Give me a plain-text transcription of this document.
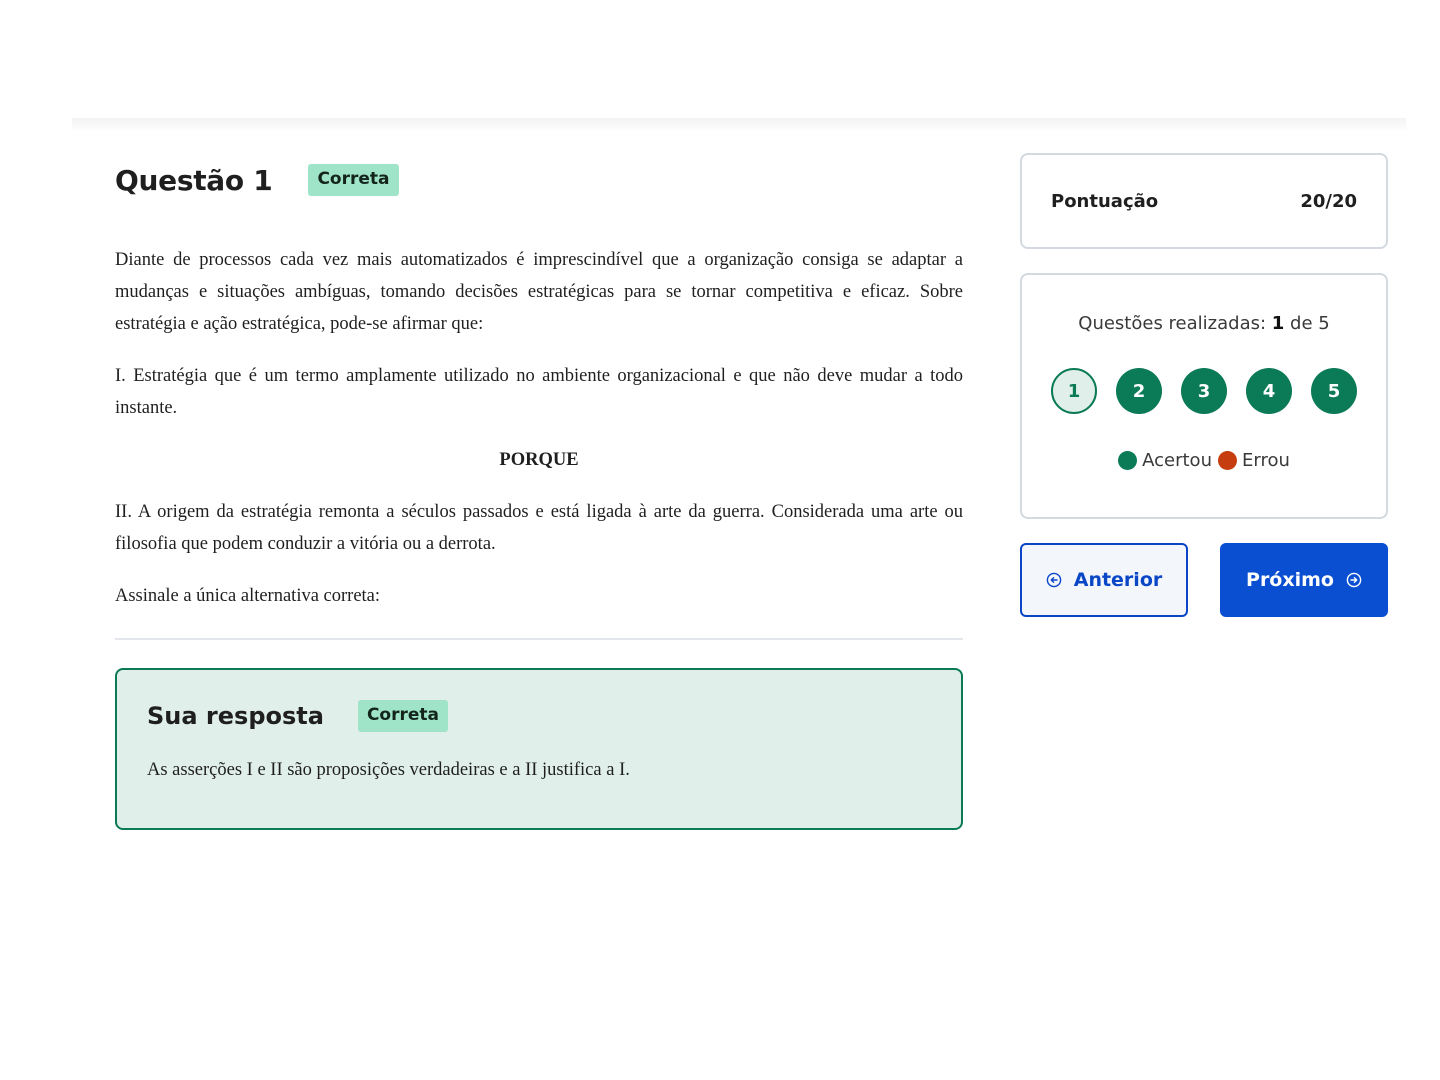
Questão 1	Correta

Diante de processos cada vez mais automatizados é imprescindível que a organização consiga se adaptar a mudanças e situações ambíguas, tomando decisões estratégicas para se tornar competitiva e eficaz. Sobre estratégia e ação estratégica, pode-se afirmar que:

I. Estratégia que é um termo amplamente utilizado no ambiente organizacional e que não deve mudar a todo instante.

PORQUE

II. A origem da estratégia remonta a séculos passados e está ligada à arte da guerra. Considerada uma arte ou filosofia que podem conduzir a vitória ou a derrota.

Assinale a única alternativa correta:

Sua resposta	Correta
As asserções I e II são proposições verdadeiras e a II justifica a I.
Pontuação	20/20
Questões realizadas: 1 de 5
1	2	3	4	5
Acertou Errou
Anterior	Próximo
